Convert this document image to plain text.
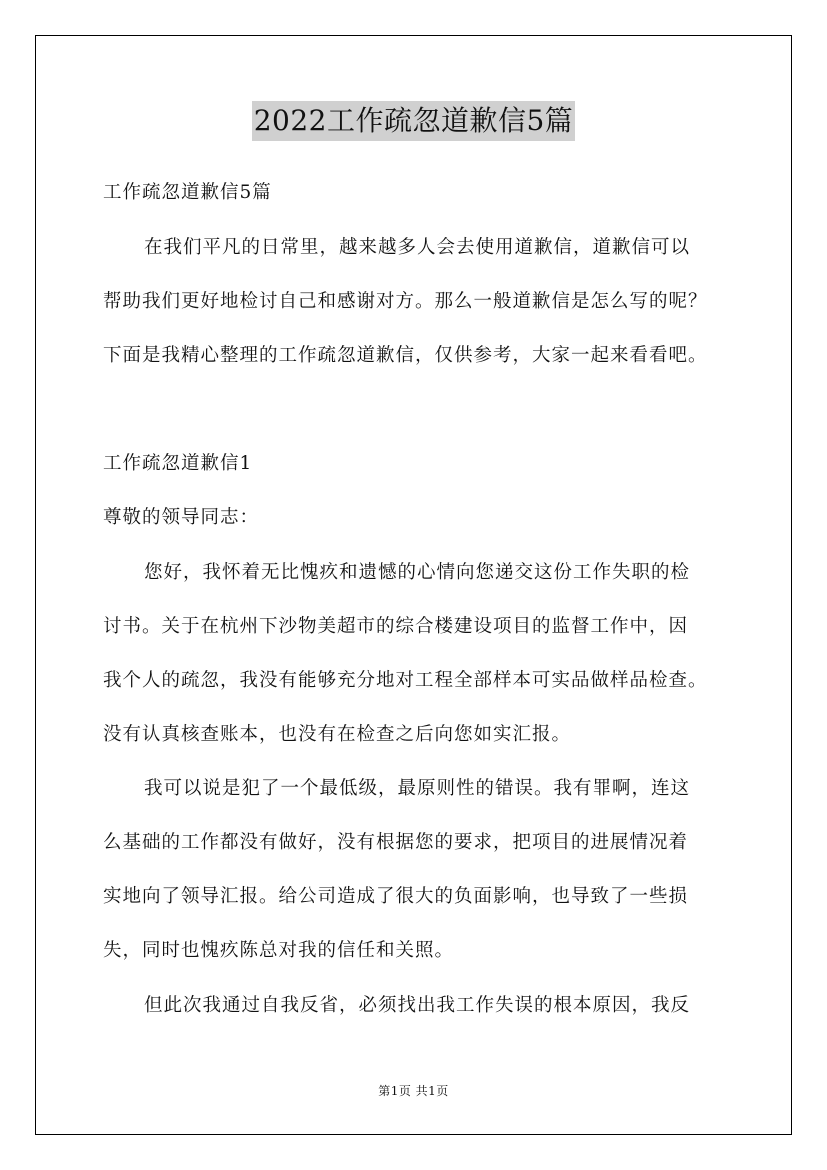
2022工作疏忽道歉信5篇
工作疏忽道歉信5篇
在我们平凡的日常里，越来越多人会去使用道歉信，道歉信可以
帮助我们更好地检讨自己和感谢对方。那么一般道歉信是怎么写的呢？
下面是我精心整理的工作疏忽道歉信，仅供参考，大家一起来看看吧。
工作疏忽道歉信1
尊敬的领导同志：
您好，我怀着无比愧疚和遗憾的心情向您递交这份工作失职的检
讨书。关于在杭州下沙物美超市的综合楼建设项目的监督工作中，因
我个人的疏忽，我没有能够充分地对工程全部样本可实品做样品检查。
没有认真核查账本，也没有在检查之后向您如实汇报。
我可以说是犯了一个最低级，最原则性的错误。我有罪啊，连这
么基础的工作都没有做好，没有根据您的要求，把项目的进展情况着
实地向了领导汇报。给公司造成了很大的负面影响，也导致了一些损
失，同时也愧疚陈总对我的信任和关照。
但此次我通过自我反省，必须找出我工作失误的根本原因，我反
第1页 共1页
